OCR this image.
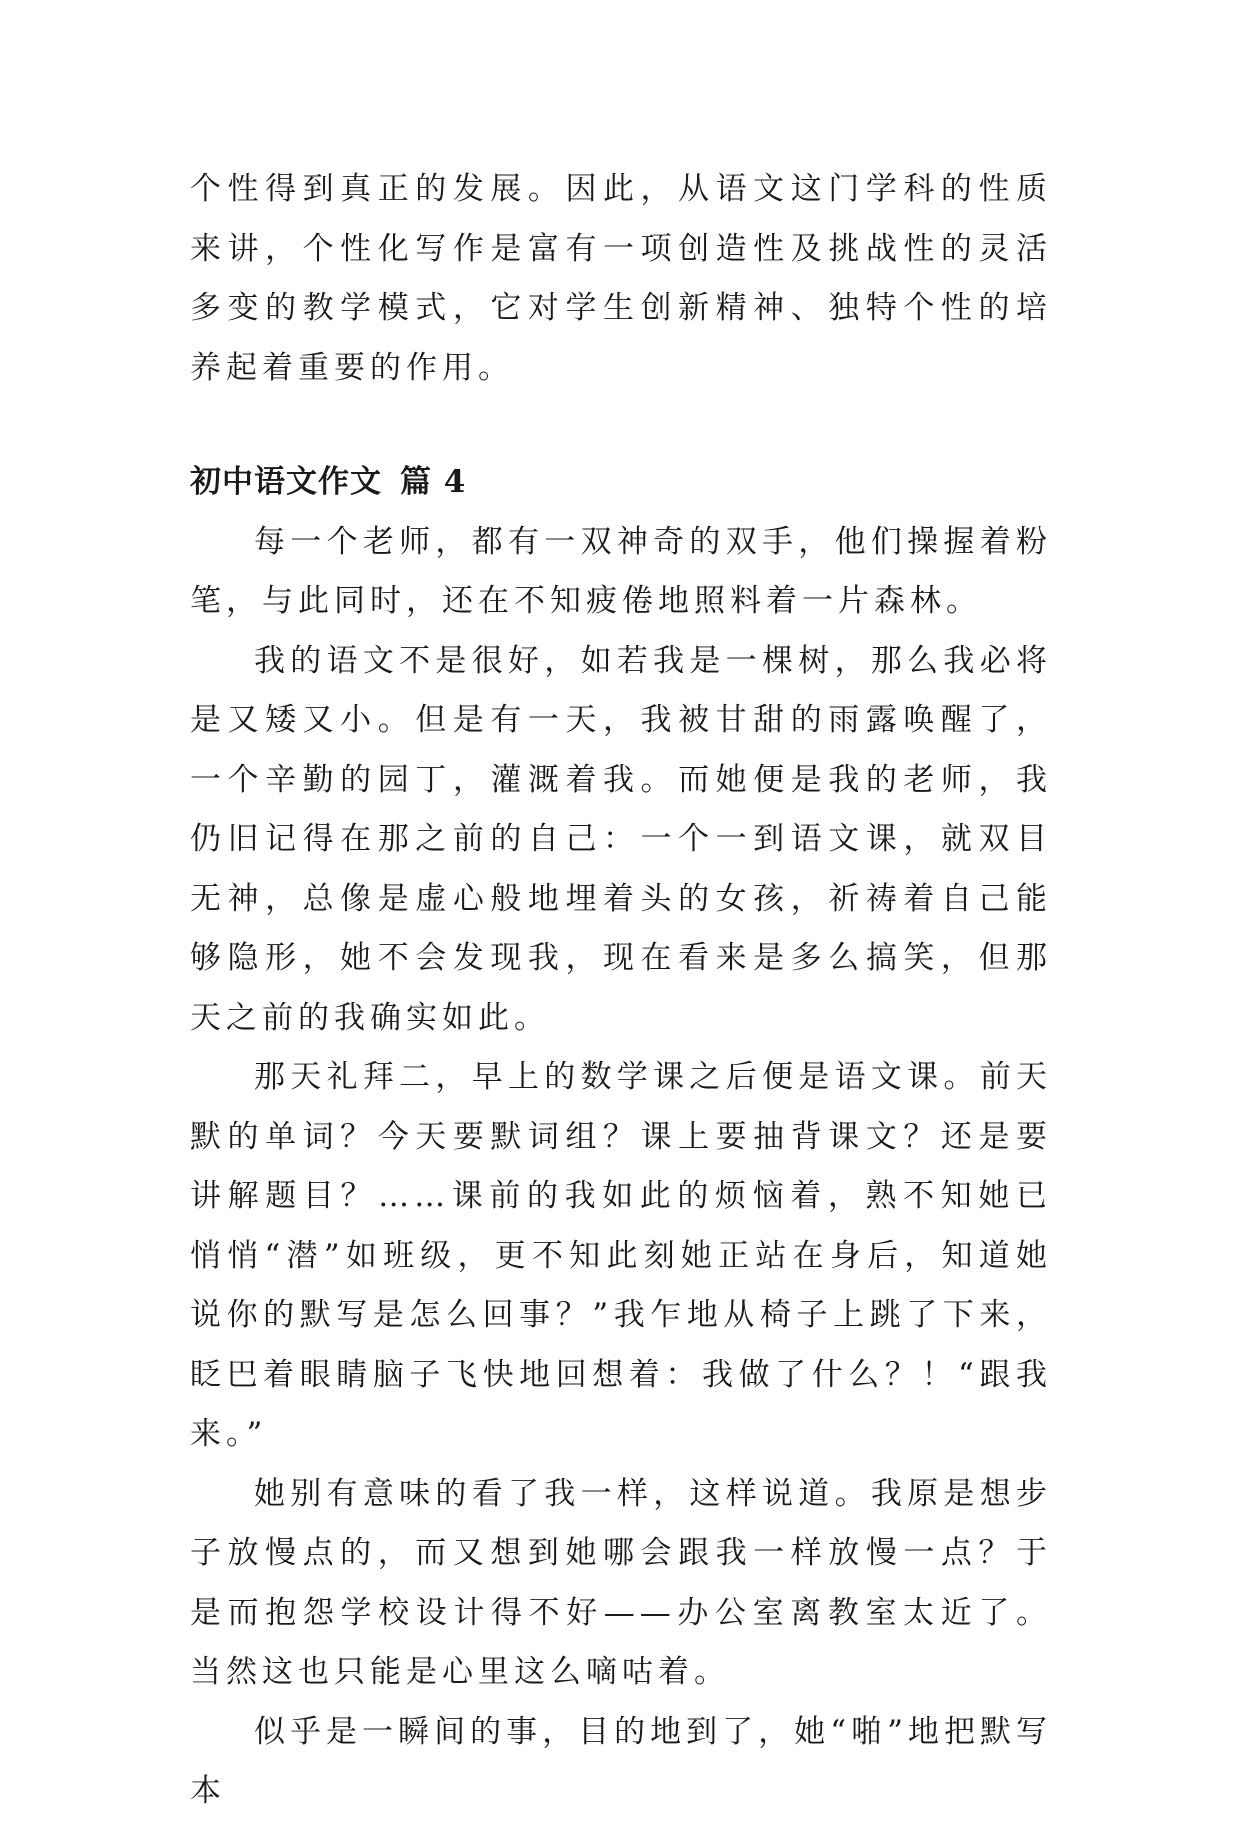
个性得到真正的发展。因此，从语文这门学科的性质来讲，个性化写作是富有一项创造性及挑战性的灵活多变的教学模式，它对学生创新精神、独特个性的培养起着重要的作用。

初中语文作文 篇 4

每一个老师，都有一双神奇的双手，他们操握着粉笔，与此同时，还在不知疲倦地照料着一片森林。

我的语文不是很好，如若我是一棵树，那么我必将是又矮又小。但是有一天，我被甘甜的雨露唤醒了，一个辛勤的园丁，灌溉着我。而她便是我的老师，我仍旧记得在那之前的自己：一个一到语文课，就双目无神，总像是虚心般地埋着头的女孩，祈祷着自己能够隐形，她不会发现我，现在看来是多么搞笑，但那天之前的我确实如此。

那天礼拜二，早上的数学课之后便是语文课。前天默的单词？今天要默词组？课上要抽背课文？还是要讲解题目？……课前的我如此的烦恼着，熟不知她已悄悄“潜”如班级，更不知此刻她正站在身后，知道她说你的默写是怎么回事？”我乍地从椅子上跳了下来，眨巴着眼睛脑子飞快地回想着：我做了什么？！“跟我来。”

她别有意味的看了我一样，这样说道。我原是想步子放慢点的，而又想到她哪会跟我一样放慢一点？于是而抱怨学校设计得不好——办公室离教室太近了。当然这也只能是心里这么嘀咕着。

似乎是一瞬间的事，目的地到了，她“啪”地把默写本
